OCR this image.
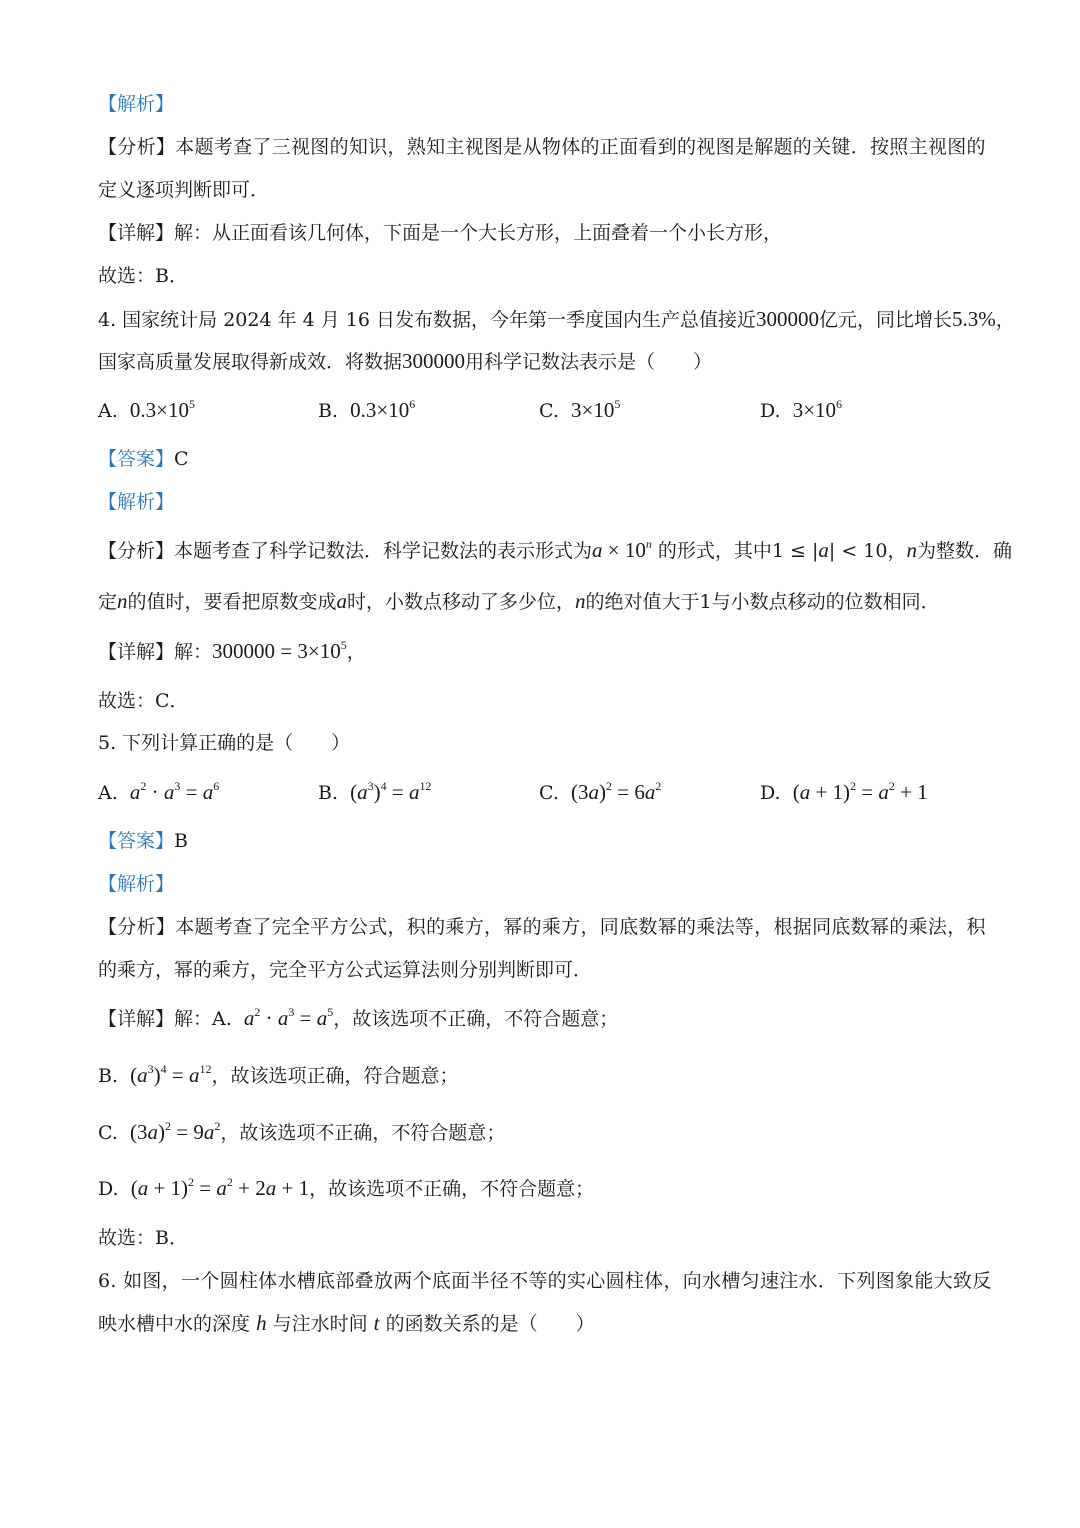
【解析】
【分析】本题考查了三视图的知识，熟知主视图是从物体的正面看到的视图是解题的关键．按照主视图的
定义逐项判断即可．
【详解】解：从正面看该几何体，下面是一个大长方形，上面叠着一个小长方形，
故选：B．
4. 国家统计局 2024 年 4 月 16 日发布数据，今年第一季度国内生产总值接近300000亿元，同比增长5.3%，
国家高质量发展取得新成效．将数据300000用科学记数法表示是（　　）
A. $0.3\times 10^5$	B. $0.3\times 10^6$	C. $3\times 10^5$	D. $3\times 10^6$
【答案】C
【解析】
【分析】本题考查了科学记数法．科学记数法的表示形式为$a \times 10^n$ 的形式，其中1 ≤ |a| < 10，n为整数．确
定n的值时，要看把原数变成a时，小数点移动了多少位，n的绝对值大于1与小数点移动的位数相同．
【详解】解：$300000 = 3\times 10^5$，
故选：C．
5. 下列计算正确的是（　　）
A. $a^2 \cdot a^3 = a^6$	B. $(a^3)^4 = a^{12}$	C. $(3a)^2 = 6a^2$	D. $(a + 1)^2 = a^2 + 1$
【答案】B
【解析】
【分析】本题考查了完全平方公式，积的乘方，幂的乘方，同底数幂的乘法等，根据同底数幂的乘法，积
的乘方，幂的乘方，完全平方公式运算法则分别判断即可．
【详解】解：A. $a^2 \cdot a^3 = a^5$，故该选项不正确，不符合题意；
B. $(a^3)^4 = a^{12}$，故该选项正确，符合题意；
C. $(3a)^2 = 9a^2$，故该选项不正确，不符合题意；
D. $(a + 1)^2 = a^2 + 2a + 1$，故该选项不正确，不符合题意；
故选：B．
6. 如图，一个圆柱体水槽底部叠放两个底面半径不等的实心圆柱体，向水槽匀速注水．下列图象能大致反
映水槽中水的深度 h 与注水时间 t 的函数关系的是（　　）
